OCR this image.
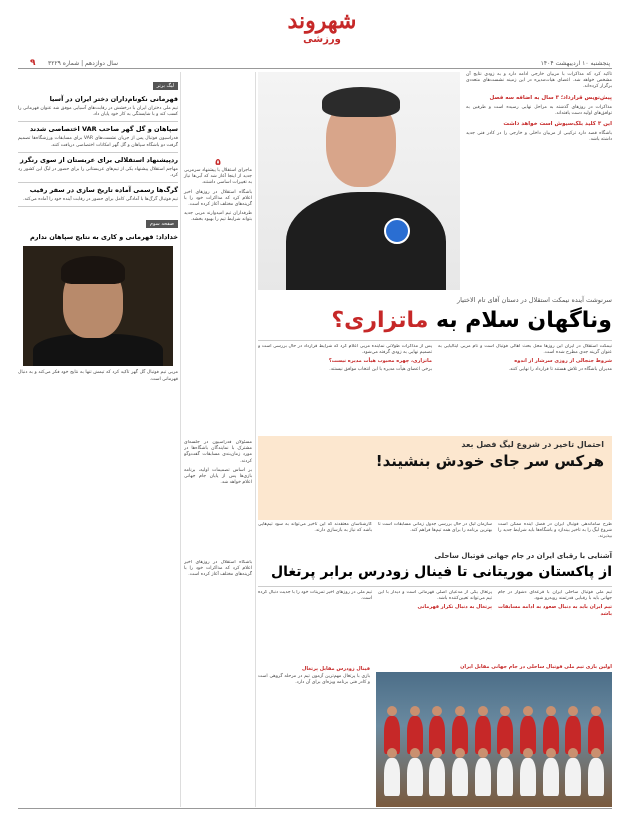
شهروند
ورزشی
پنجشنبه ۱۰ اردیبهشت ۱۴۰۴
سال دوازدهم | شماره ۳۲۲۹
۹
لیگ برتر
قهرمانی نکونام‌داران دختر ایران در آسیا
تیم ملی دختران ایران با درخشش در رقابت‌های آسیایی موفق شد عنوان قهرمانی را کسب کند و با شایستگی به کار خود پایان داد.
سپاهان و گل گهر صاحب VAR اختصاصی شدند
فدراسیون فوتبال پس از جریان نشست‌های VAR برای مسابقات ورزشگاه‌ها تصمیم گرفت دو باشگاه سپاهان و گل گهر امکانات اختصاصی دریافت کنند.
ردپیشنهاد استقلالی برای عربستان از سوی رنگرز
مهاجم استقلال پیشنهاد یکی از تیم‌های عربستانی را برای حضور در لیگ این کشور رد کرد.
گرگ‌ها رسمی آماده تاریخ سازی در سفر رقیب
تیم فوتبال گرگ‌ها با آمادگی کامل برای حضور در رقابت آینده خود را آماده می‌کند.
صفحه سوم
خداداد: قهرمانی و کاری به نتایج سپاهان ندارم
مربی تیم فوتبال گل گهر تاکید کرد که تیمش تنها به نتایج خود فکر می‌کند و به دنبال قهرمانی است.
۵
ماجرای استقلال با پیشنهاد سرمربی جدید از اینجا آغاز شد که آبی‌ها نیاز به تغییرات اساسی داشتند.
باشگاه استقلال در روزهای اخیر اعلام کرد که مذاکرات خود را با گزینه‌های مختلف آغاز کرده است.
طرفداران تیم امیدوارند مربی جدید بتواند شرایط تیم را بهبود بخشد.
تاکید کرد که مذاکرات با مربیان خارجی ادامه دارد و به زودی نتایج آن مشخص خواهد شد. اعضای هیات‌مدیره در این زمینه نشست‌های متعددی برگزار کرده‌اند.
پیش‌نویس قرارداد؛ ۳ سال به اضافه سه فصل
مذاکرات در روزهای گذشته به مراحل نهایی رسیده است و طرفین به توافق‌های اولیه دست یافته‌اند.
این ۳ کلید بلک‌سیوش است خواهد داشت
باشگاه قصد دارد ترکیبی از مربیان داخلی و خارجی را در کادر فنی جدید داشته باشد.
سرنوشت آینده نیمکت استقلال در دستان آقای تام الاختیار
وناگهان سلام به ماتزاری؟
نیمکت استقلال در ایران این روزها محل بحث اهالی فوتبال است و نام مربی ایتالیایی به عنوان گزینه جدی مطرح شده است.
شروط جنجالی از روزی سرشار از اندوه
مدیران باشگاه در تلاش هستند تا قرارداد را نهایی کنند.
پس از مذاکرات طولانی نماینده مربی اعلام کرد که شرایط قرارداد در حال بررسی است و تصمیم نهایی به زودی گرفته می‌شود.
ماتزاری، چهره محبوب هیأت مدیره نیست؟
برخی اعضای هیأت مدیره با این انتخاب موافق نیستند.
احتمال تاخیر در شروع لیگ فصل بعد
هرکس سر جای خودش بنشیند!
طرح ساماندهی فوتبال ایران در فصل آینده ممکن است شروع لیگ را به تاخیر بیندازد و باشگاه‌ها باید شرایط جدید را بپذیرند.
سازمان لیگ در حال بررسی جدول زمانی مسابقات است تا بهترین برنامه را برای همه تیم‌ها فراهم کند.
کارشناسان معتقدند که این تاخیر می‌تواند به سود تیم‌هایی باشد که نیاز به بازسازی دارند.
مسئولان فدراسیون در جلسه‌ای مشترک با نمایندگان باشگاه‌ها در مورد زمان‌بندی مسابقات گفت‌وگو کردند.
بر اساس تصمیمات اولیه، برنامه بازی‌ها پس از پایان جام جهانی اعلام خواهد شد.
آشنایی با رقبای ایران در جام جهانی فوتبال ساحلی
از پاکستان موریتانی تا فینال زودرس برابر پرتغال
تیم ملی فوتبال ساحلی ایران با قرعه‌ای دشوار در جام جهانی باید با رقبایی قدرتمند روبه‌رو شود.
تیم ایران باید به دنبال صعود به ادامه مسابقات باشد
پرتغال یکی از مدعیان اصلی قهرمانی است و دیدار با این تیم می‌تواند تعیین‌کننده باشد.
پرتغال به دنبال تکرار قهرمانی
تیم ملی در روزهای اخیر تمرینات خود را با جدیت دنبال کرده است.
باشگاه استقلال در روزهای اخیر اعلام کرد که مذاکرات خود را با گزینه‌های مختلف آغاز کرده است.
فینال زودرس مقابل پرتغال
بازی با پرتغال مهم‌ترین آزمون تیم در مرحله گروهی است و کادر فنی برنامه ویژه‌ای برای آن دارد.
اولین بازی تیم ملی فوتبال ساحلی در جام جهانی مقابل ایران
